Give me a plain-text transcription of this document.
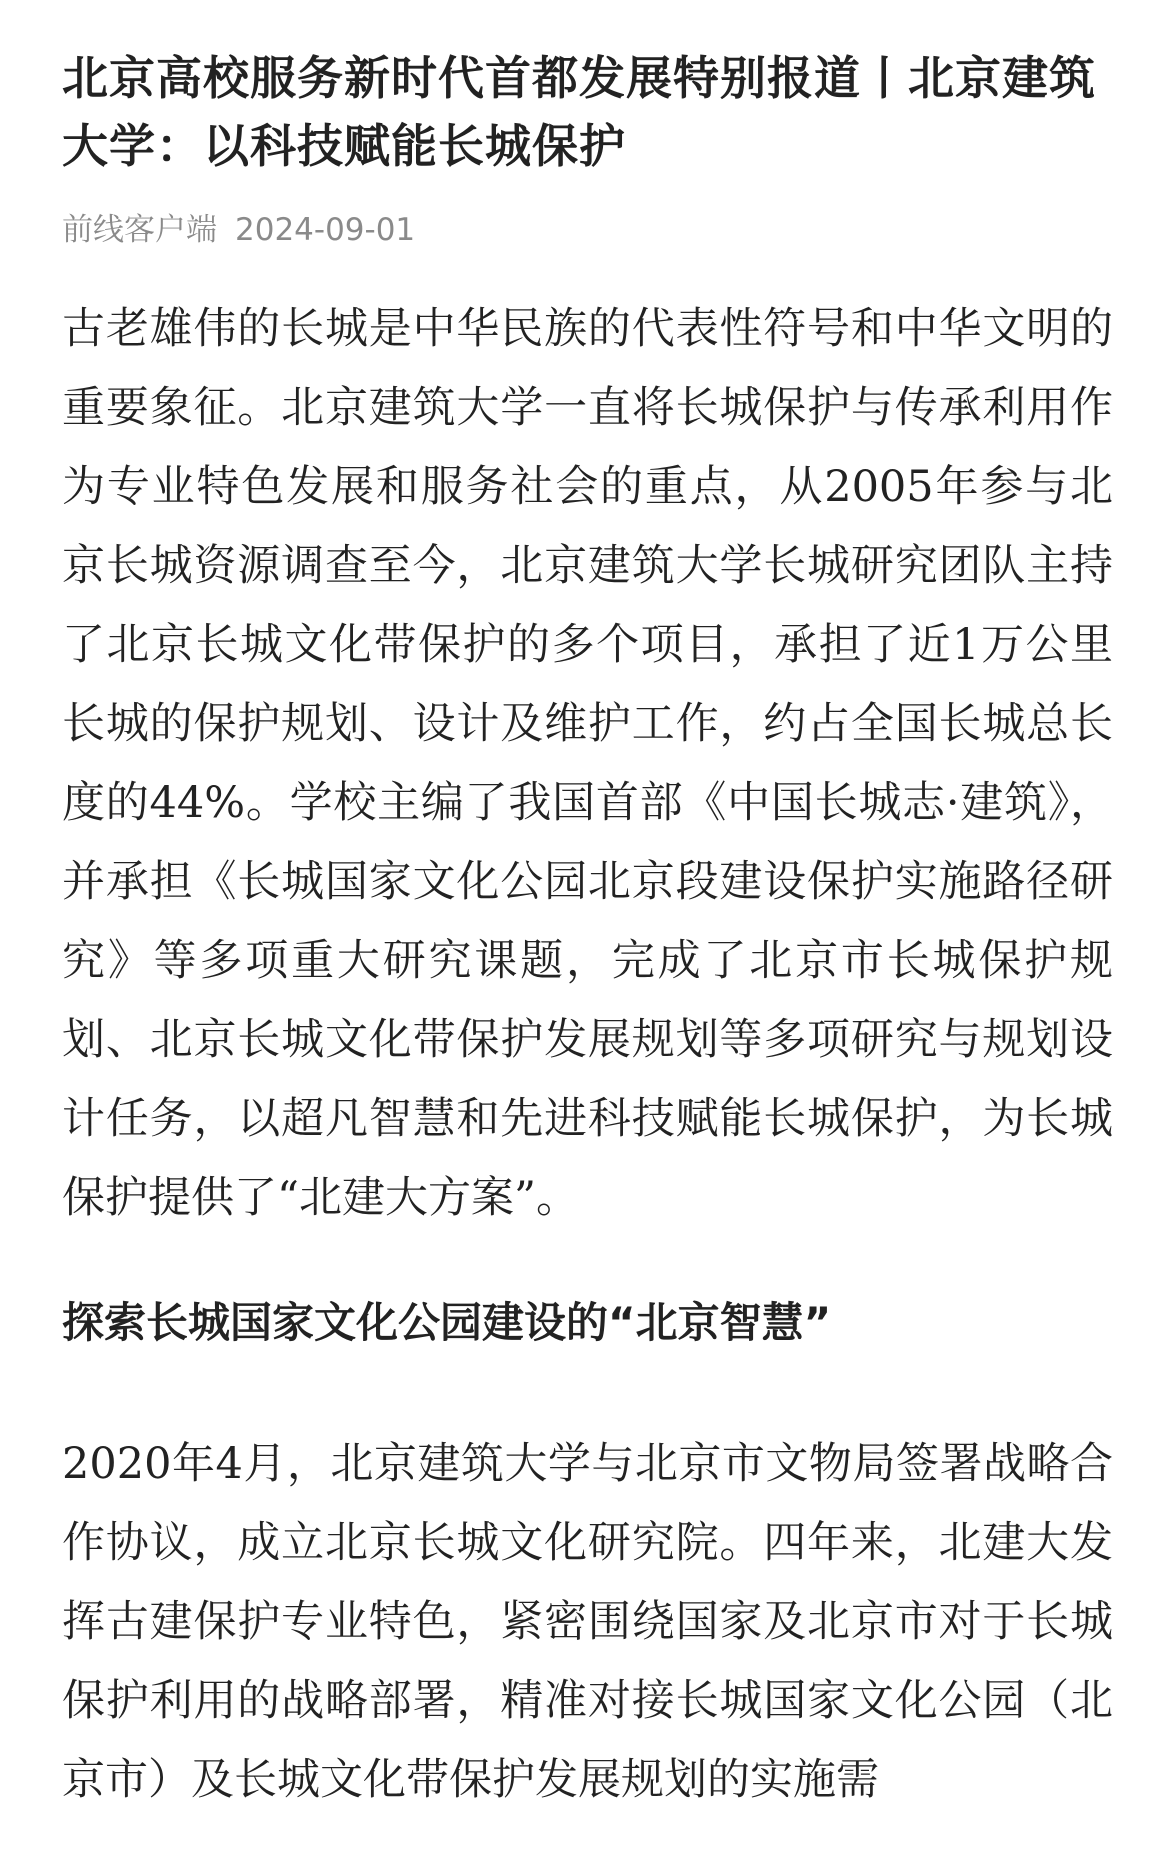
北京高校服务新时代首都发展特别报道丨北京建筑大学：以科技赋能长城保护
前线客户端 2024-09-01

古老雄伟的长城是中华民族的代表性符号和中华文明的重要象征。北京建筑大学一直将长城保护与传承利用作为专业特色发展和服务社会的重点，从2005年参与北京长城资源调查至今，北京建筑大学长城研究团队主持了北京长城文化带保护的多个项目，承担了近1万公里长城的保护规划、设计及维护工作，约占全国长城总长度的44%。学校主编了我国首部《中国长城志·建筑》，并承担《长城国家文化公园北京段建设保护实施路径研究》等多项重大研究课题，完成了北京市长城保护规划、北京长城文化带保护发展规划等多项研究与规划设计任务，以超凡智慧和先进科技赋能长城保护，为长城保护提供了“北建大方案”。

探索长城国家文化公园建设的“北京智慧”

2020年4月，北京建筑大学与北京市文物局签署战略合作协议，成立北京长城文化研究院。四年来，北建大发挥古建保护专业特色，紧密围绕国家及北京市对于长城保护利用的战略部署，精准对接长城国家文化公园（北京市）及长城文化带保护发展规划的实施需
